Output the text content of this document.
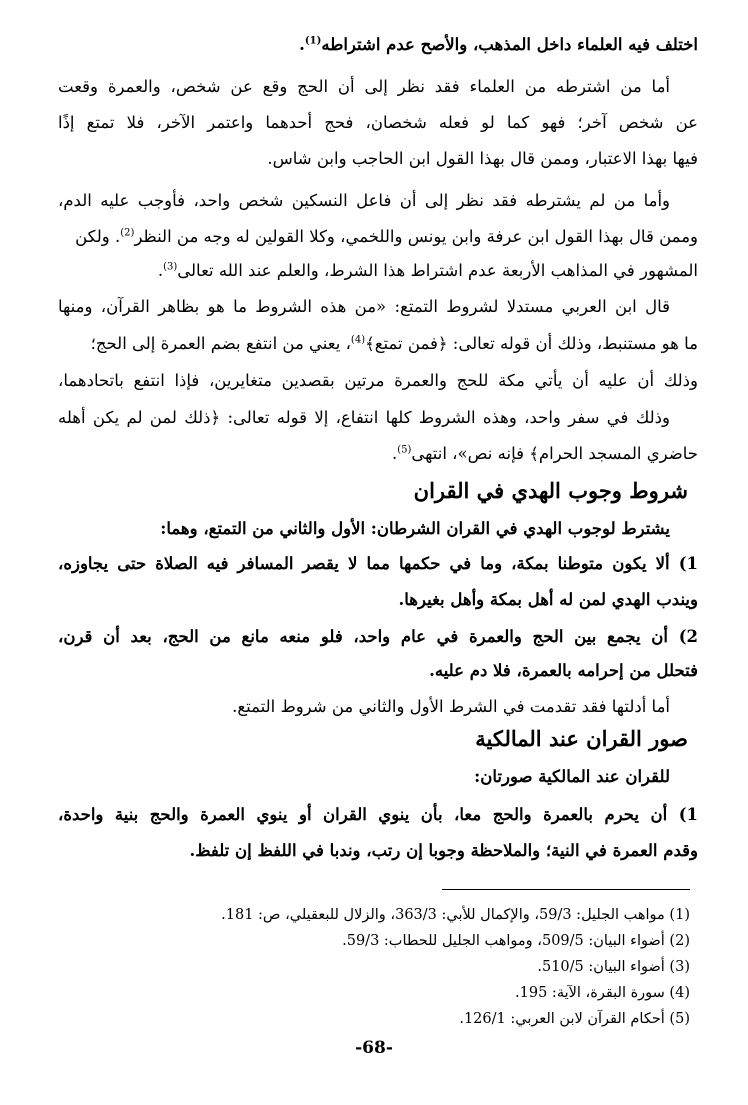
اختلف فيه العلماء داخل المذهب، والأصح عدم اشتراطه$^{(1)}$.
أما من اشترطه من العلماء فقد نظر إلى أن الحج وقع عن شخص، والعمرة وقعت
عن شخص آخر؛ فهو كما لو فعله شخصان، فحج أحدهما واعتمر الآخر، فلا تمتع إذًا
فيها بهذا الاعتبار، وممن قال بهذا القول ابن الحاجب وابن شاس.
وأما من لم يشترطه فقد نظر إلى أن فاعل النسكين شخص واحد، فأوجب عليه الدم،
وممن قال بهذا القول ابن عرفة وابن يونس واللخمي، وكلا القولين له وجه من النظر$^{(2)}$. ولكن
المشهور في المذاهب الأربعة عدم اشتراط هذا الشرط، والعلم عند الله تعالى$^{(3)}$.
قال ابن العربي مستدلا لشروط التمتع: «من هذه الشروط ما هو بظاهر القرآن، ومنها
ما هو مستنبط، وذلك أن قوله تعالى: ﴿فمن تمتع﴾$^{(4)}$، يعني من انتفع بضم العمرة إلى الحج؛
وذلك أن عليه أن يأتي مكة للحج والعمرة مرتين بقصدين متغايرين، فإذا انتفع باتحادهما،
وذلك في سفر واحد، وهذه الشروط كلها انتفاع، إلا قوله تعالى: ﴿ذلك لمن لم يكن أهله
حاضري المسجد الحرام﴾ فإنه نص»، انتهى$^{(5)}$.
شروط وجوب الهدي في القران
يشترط لوجوب الهدي في القران الشرطان: الأول والثاني من التمتع، وهما:
1) ألا يكون متوطنا بمكة، وما في حكمها مما لا يقصر المسافر فيه الصلاة حتى يجاوزه،
ويندب الهدي لمن له أهل بمكة وأهل بغيرها.
2) أن يجمع بين الحج والعمرة في عام واحد، فلو منعه مانع من الحج، بعد أن قرن،
فتحلل من إحرامه بالعمرة، فلا دم عليه.
أما أدلتها فقد تقدمت في الشرط الأول والثاني من شروط التمتع.
صور القران عند المالكية
للقران عند المالكية صورتان:
1) أن يحرم بالعمرة والحج معا، بأن ينوي القران أو ينوي العمرة والحج بنية واحدة،
وقدم العمرة في النية؛ والملاحظة وجوبا إن رتب، وندبا في اللفظ إن تلفظ.
(1) مواهب الجليل: 59/3، والإكمال للأبي: 363/3، والزلال للبعقيلي، ص: 181.
(2) أضواء البيان: 509/5، ومواهب الجليل للحطاب: 59/3.
(3) أضواء البيان: 510/5.
(4) سورة البقرة، الآية: 195.
(5) أحكام القرآن لابن العربي: 126/1.
-68-
